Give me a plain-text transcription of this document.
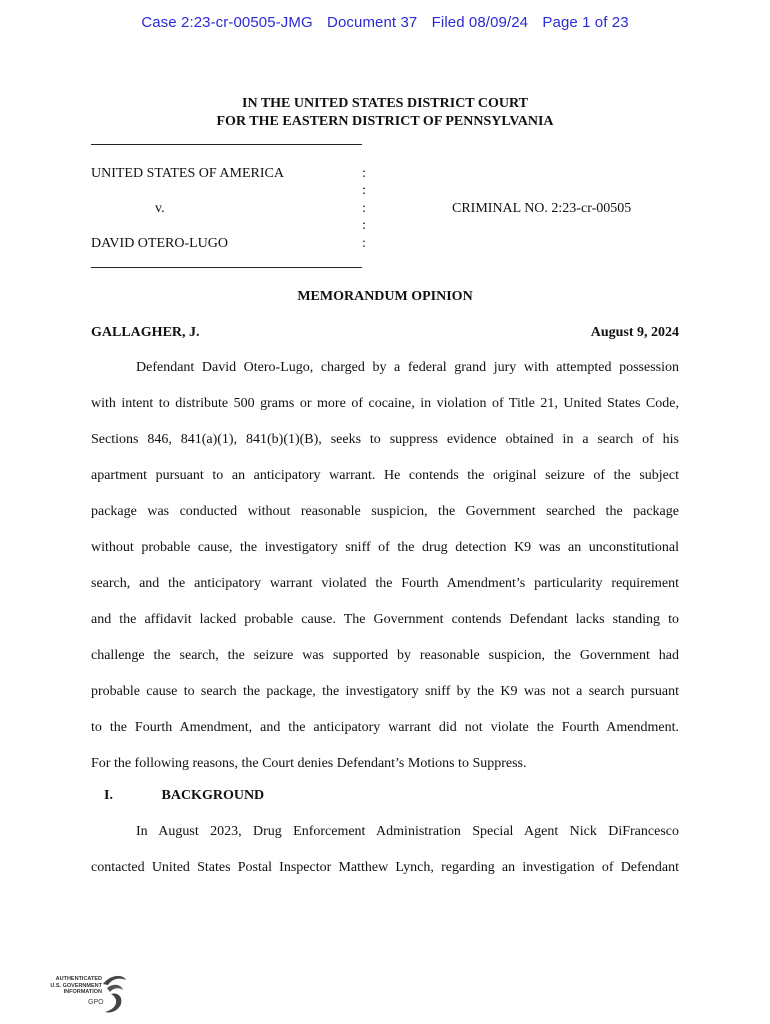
Case 2:23-cr-00505-JMG Document 37 Filed 08/09/24 Page 1 of 23
IN THE UNITED STATES DISTRICT COURT
FOR THE EASTERN DISTRICT OF PENNSYLVANIA
UNITED STATES OF AMERICA
v.
DAVID OTERO-LUGO
:
:
:
:
:
CRIMINAL NO. 2:23-cr-00505
MEMORANDUM OPINION
GALLAGHER, J.	August 9, 2024
Defendant David Otero-Lugo, charged by a federal grand jury with attempted possession
with intent to distribute 500 grams or more of cocaine, in violation of Title 21, United States Code,
Sections 846, 841(a)(1), 841(b)(1)(B), seeks to suppress evidence obtained in a search of his
apartment pursuant to an anticipatory warrant. He contends the original seizure of the subject
package was conducted without reasonable suspicion, the Government searched the package
without probable cause, the investigatory sniff of the drug detection K9 was an unconstitutional
search, and the anticipatory warrant violated the Fourth Amendment’s particularity requirement
and the affidavit lacked probable cause. The Government contends Defendant lacks standing to
challenge the search, the seizure was supported by reasonable suspicion, the Government had
probable cause to search the package, the investigatory sniff by the K9 was not a search pursuant
to the Fourth Amendment, and the anticipatory warrant did not violate the Fourth Amendment.
For the following reasons, the Court denies Defendant’s Motions to Suppress.
I.	BACKGROUND
In August 2023, Drug Enforcement Administration Special Agent Nick DiFrancesco
contacted United States Postal Inspector Matthew Lynch, regarding an investigation of Defendant
AUTHENTICATED
U.S. GOVERNMENT
INFORMATION
GPO
